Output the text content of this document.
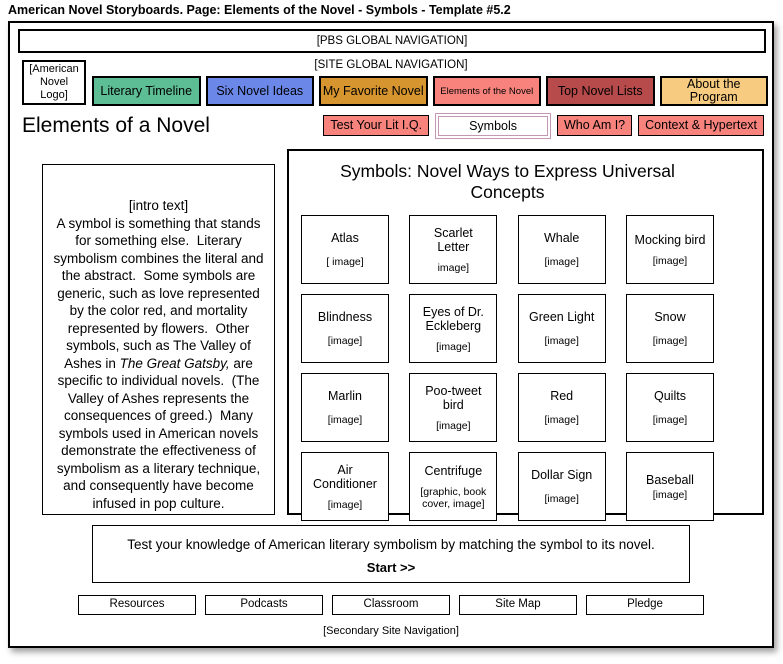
American Novel Storyboards. Page: Elements of the Novel - Symbols - Template #5.2
[PBS GLOBAL NAVIGATION]
[American Novel Logo]
[SITE GLOBAL NAVIGATION]
Literary Timeline Six Novel Ideas My Favorite Novel Elements of the Novel Top Novel Lists	About the Program
Elements of a Novel	Test Your Lit I.Q.	Symbols	Who Am I?	Context & Hypertext
[intro text]
A symbol is something that stands for something else.  Literary symbolism combines the literal and the abstract.  Some symbols are generic, such as love represented by the color red, and mortality represented by flowers.  Other symbols, such as The Valley of Ashes in The Great Gatsby, are specific to individual novels.  (The Valley of Ashes represents the consequences of greed.)  Many symbols used in American novels demonstrate the effectiveness of symbolism as a literary technique, and consequently have become infused in pop culture.
Symbols: Novel Ways to Express Universal Concepts
Atlas
[ image]
Scarlet Letter
image]
Whale
[image]
Mocking bird
[image]
Blindness
[image]
Eyes of Dr. Eckleberg
[image]
Green Light
[image]
Snow
[image]
Marlin
[image]
Poo-tweet bird
[image]
Red
[image]
Quilts
[image]
Air Conditioner
[image]
Centrifuge
[graphic, book cover, image]
Dollar Sign
[image]
Baseball
[image]
Test your knowledge of American literary symbolism by matching the symbol to its novel.
Start >>
Resources	Podcasts	Classroom	Site Map	Pledge
[Secondary Site Navigation]
